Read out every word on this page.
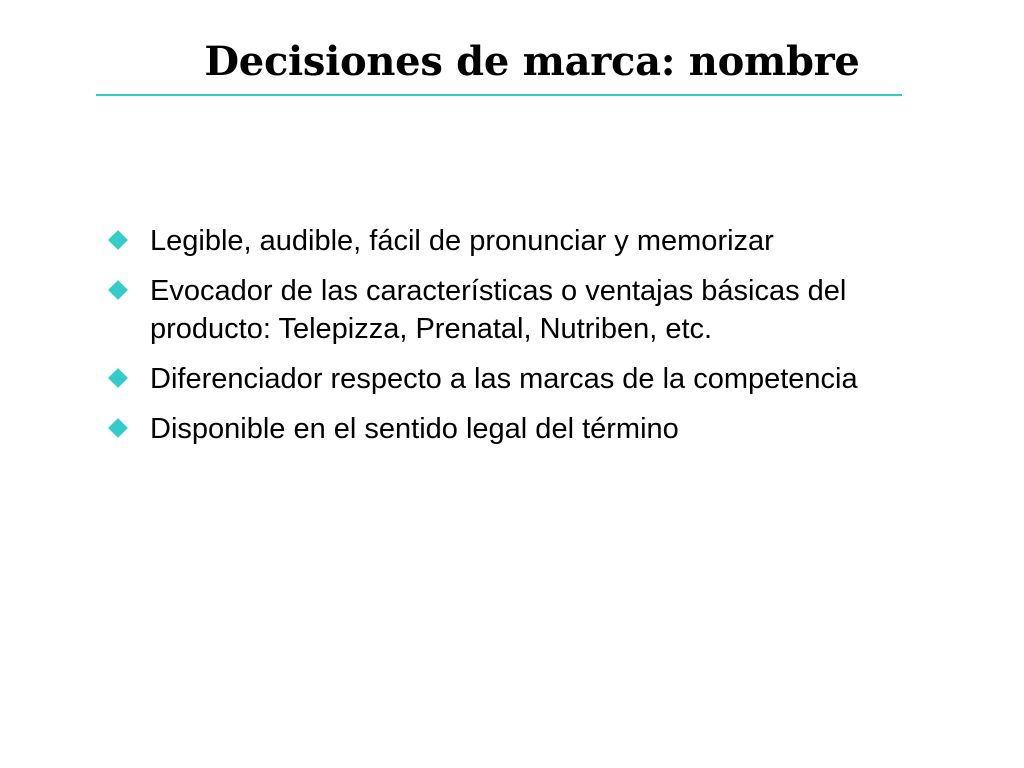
Decisiones de marca: nombre
Legible, audible, fácil de pronunciar y memorizar
Evocador de las características o ventajas básicas del producto: Telepizza, Prenatal, Nutriben, etc.
Diferenciador respecto a las marcas de la competencia
Disponible en el sentido legal del término
